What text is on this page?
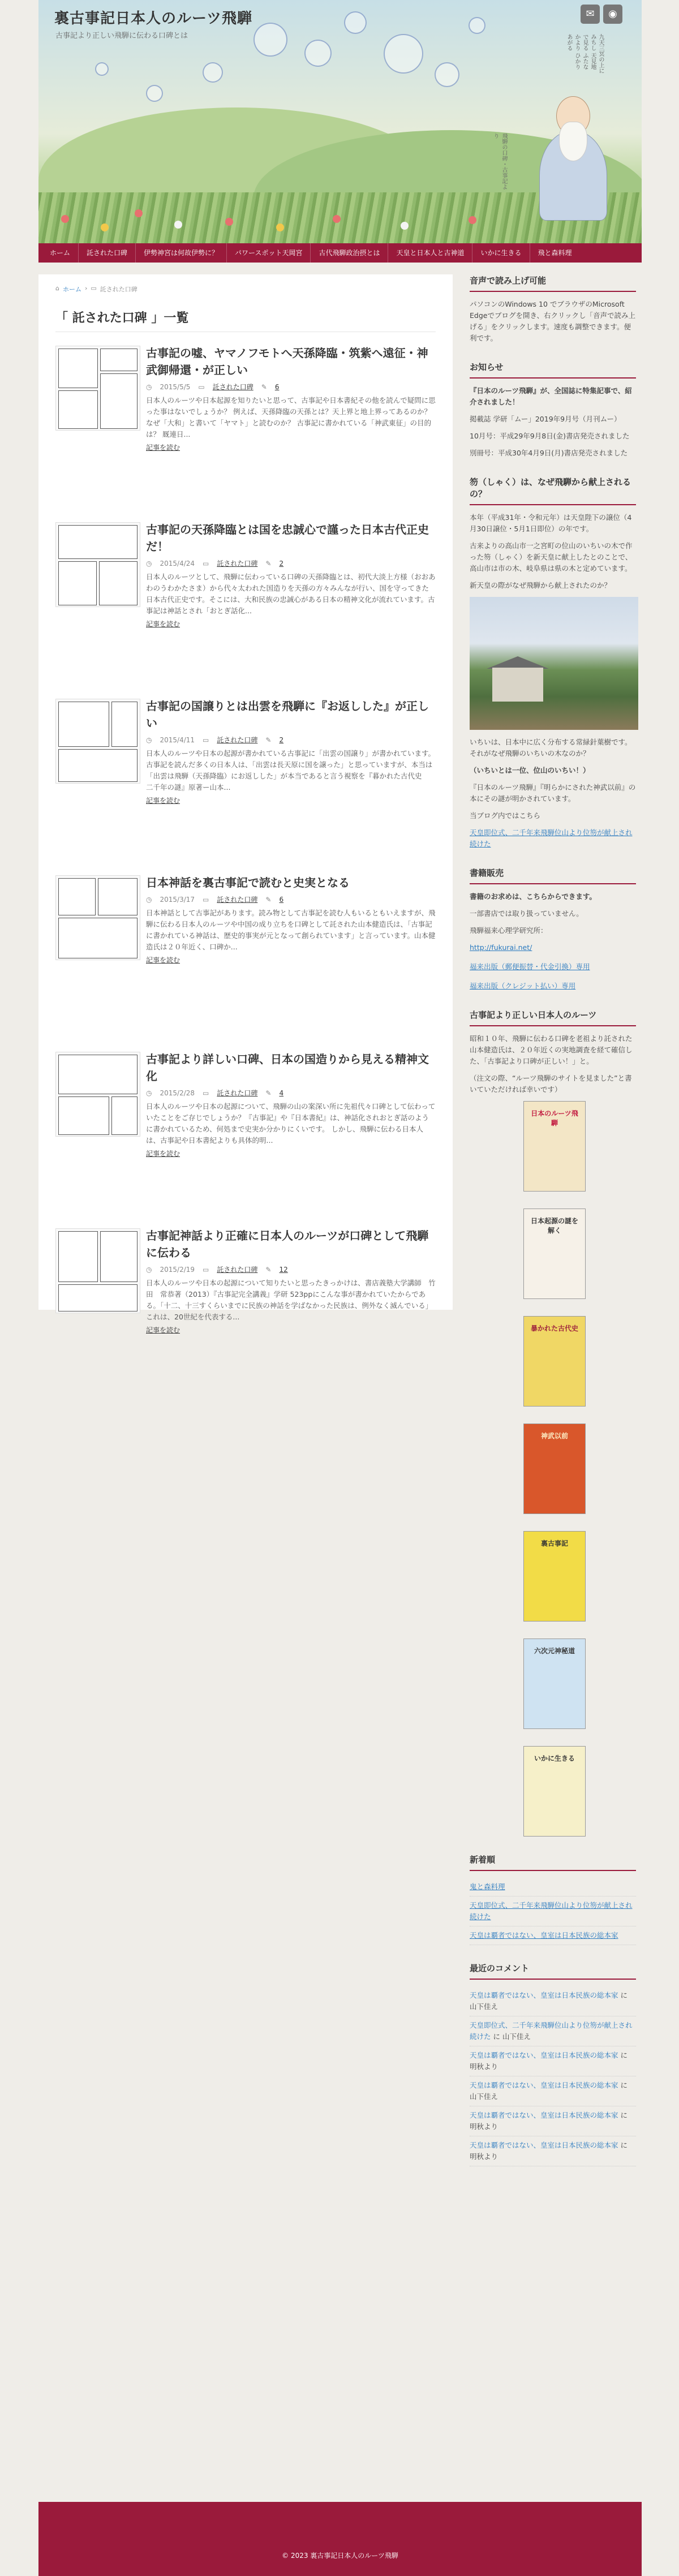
九天三冥の上にみちし 天見地で見る ふたなかより ひかりあがる
飛騨の口碑・古事記より
裏古事記日本人のルーツ飛騨
古事記より正しい飛騨に伝わる口碑とは
✉	◉
ホーム	託された口碑	伊勢神宮は何故伊勢に？	パワースポット天岡宮	古代飛騨政治摂とは	天皇と日本人と古神道	いかに生きる	飛と森料理
⌂ ホーム › ▭ 託された口碑
「 託された口碑 」一覧
古事記の嘘、ヤマノフモトへ天孫降臨・筑紫へ遠征・神武御帰還・が正しい
◷ 2015/5/5 ▭ 託された口碑 ✎ 6

日本人のルーツや日本起源を知りたいと思って、古事記や日本書紀その他を読んで疑問に思った事はないでしょうか？ 例えば、天孫降臨の天孫とは？天上界と地上界ってあるのか？ なぜ「大和」と書いて「ヤマト」と読むのか？ 古事記に書かれている「神武東征」の目的は？ 厩連日...

記事を読む
古事記の天孫降臨とは国を忠誠心で謹った日本古代正史だ！
◷ 2015/4/24 ▭ 託された口碑 ✎ 2

日本人のルーツとして、飛騨に伝わっている口碑の天孫降臨とは、初代大淡上方様（おおあわのうわかたさま）から代々太われた国造りを天孫の方々みんなが行い、国を守ってきた日本古代正史です。そこには、大和民族の忠誠心がある日本の精神文化が流れています。古事記は神話とされ「おとぎ話化...

記事を読む
古事記の国譲りとは出雲を飛騨に『お返しした』が正しい
◷ 2015/4/11 ▭ 託された口碑 ✎ 2

日本人のルーツや日本の起源が書かれている古事記に「出雲の国譲り」が書かれています。 古事記を読んだ多くの日本人は、「出雲は長天原に国を譲った」と思っていますが、本当は「出雲は飛騨（天孫降臨）にお返しした」が本当であると言う視察を『暮かれた古代史　二千年の謎』原著ー山本...

記事を読む
日本神話を裏古事記で読むと史実となる
◷ 2015/3/17 ▭ 託された口碑 ✎ 6

日本神話として古事記があります。読み物として古事記を読む人もいるともいえますが、飛騨に伝わる日本人のルーツや中国の成り立ちを口碑として託された山本健造氏は、「古事記に書かれている神話は、歴史的事実が元となって創られています」と言っています。山本健造氏は２０年近く、口碑か...

記事を読む
古事記より詳しい口碑、日本の国造りから見える精神文化
◷ 2015/2/28 ▭ 託された口碑 ✎ 4

日本人のルーツや日本の起源について、飛騨の山の案深い所に先祖代々口碑として伝わっていたことをご存じでしょうか？『古事記』や『日本書紀』は、神話化されおとぎ話のように書かれているため、何処まで史実か分かりにくいです。 しかし、飛騨に伝わる日本人は、古事記や日本書紀よりも具体的明...

記事を読む
古事記神話より正確に日本人のルーツが口碑として飛騨に伝わる
◷ 2015/2/19 ▭ 託された口碑 ✎ 12

日本人のルーツや日本の起源について知りたいと思ったきっかけは、書店義塾大学講師　竹田　常恭著（2013）『古事記完全講義』学研 523ppにこんな事が書かれていたからである。「十二、十三すくらいまでに民族の神話を学ばなかった民族は、例外なく滅んでいる」これは、20世紀を代表する...

記事を読む
音声で読み上げ可能

パソコンのWindows 10 でブラウザのMicrosoft Edgeでブログを開き、右クリックし「音声で読み上げる」をクリックします。速度も調整できます。便利です。

お知らせ

『日本のルーツ飛騨』が、全国誌に特集記事で、紹介されました！

掲載誌 学研「ムー」2019年9月号（月刊ムー）

10月号：平成29年9月8日(金)書店発売されました

別冊号：平成30年4月9日(月)書店発売されました

笏（しゃく）は、なぜ飛騨から献上されるの？

本年（平成31年・令和元年）は天皇陛下の譲位（4月30日譲位・5月1日即位）の年です。

古来よりの高山市一之宮町の位山のいちいの木で作った笏（しゃく）を新天皇に献上したとのことで、高山市は市の木、岐阜県は県の木と定めています。

新天皇の際がなぜ飛騨から献上されたのか？

いちいは、日本中に広く分布する常緑針葉樹です。それがなぜ飛騨のいちいの木なのか？

（いちいとは一位、位山のいちい！）

『日本のルーツ飛騨』『明らかにされた神武以前』の本にその謎が明かされています。

当ブログ内ではこちら

天皇即位式、二千年来飛騨位山より位笏が献上され続けた
書籍販売

書籍のお求めは、こちらからできます。

一部書店では取り扱っていません。

飛騨福来心理学研究所：

http://fukurai.net/
福来出版（郵便振替・代金引換）専用
福来出版（クレジット払い）専用
古事記より正しい日本人のルーツ

昭和１０年、飛騨に伝わる口碑を老祖より託された山本健造氏は、２０年近くの実地調査を経て確信した、「古事記より口碑が正しい！」と。

（注文の際、“ルーツ飛騨のサイトを見ました”と書いていただければ幸いです）

日本のルーツ飛騨
日本起源の謎を解く
暴かれた古代史
神武以前
裏古事記
六次元神秘道
いかに生きる
新着順
鬼と森料理
天皇即位式、二千年来飛騨位山より位笏が献上され続けた
天皇は覇者ではない、皇室は日本民族の総本家
最近のコメント
天皇は覇者ではない、皇室は日本民族の総本家 に 山下佳え
天皇即位式、二千年来飛騨位山より位笏が献上され続けた に 山下佳え
天皇は覇者ではない、皇室は日本民族の総本家 に 明秋より
天皇は覇者ではない、皇室は日本民族の総本家 に 山下佳え
天皇は覇者ではない、皇室は日本民族の総本家 に 明秋より
天皇は覇者ではない、皇室は日本民族の総本家 に 明秋より
© 2023 裏古事記日本人のルーツ飛騨
